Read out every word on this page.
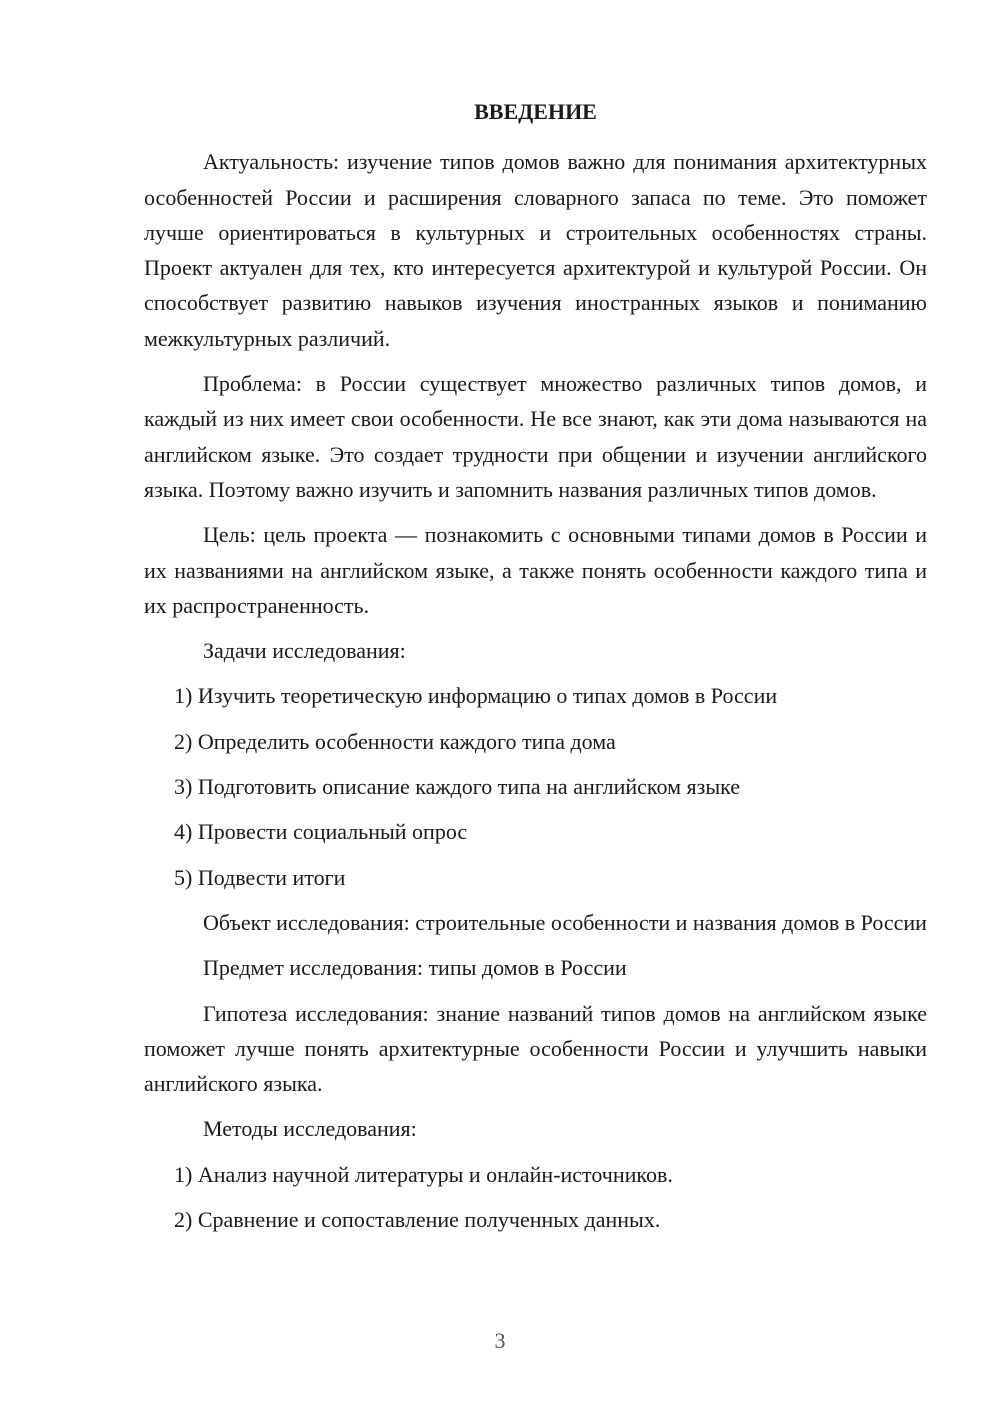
ВВЕДЕНИЕ

Актуальность: изучение типов домов важно для понимания архитектурных особенностей России и расширения словарного запаса по теме. Это поможет лучше ориентироваться в культурных и строительных особенностях страны. Проект актуален для тех, кто интересуется архитектурой и культурой России. Он способствует развитию навыков изучения иностранных языков и пониманию межкультурных различий.

Проблема: в России существует множество различных типов домов, и каждый из них имеет свои особенности. Не все знают, как эти дома называются на английском языке. Это создает трудности при общении и изучении английского языка. Поэтому важно изучить и запомнить названия различных типов домов.

Цель: цель проекта — познакомить с основными типами домов в России и их названиями на английском языке, а также понять особенности каждого типа и их распространенность.

Задачи исследования:

1) Изучить теоретическую информацию о типах домов в России

2) Определить особенности каждого типа дома

3) Подготовить описание каждого типа на английском языке

4) Провести социальный опрос

5) Подвести итоги

Объект исследования: строительные особенности и названия домов в России

Предмет исследования: типы домов в России

Гипотеза исследования: знание названий типов домов на английском языке поможет лучше понять архитектурные особенности России и улучшить навыки английского языка.

Методы исследования:

1) Анализ научной литературы и онлайн-источников.

2) Сравнение и сопоставление полученных данных.

3
